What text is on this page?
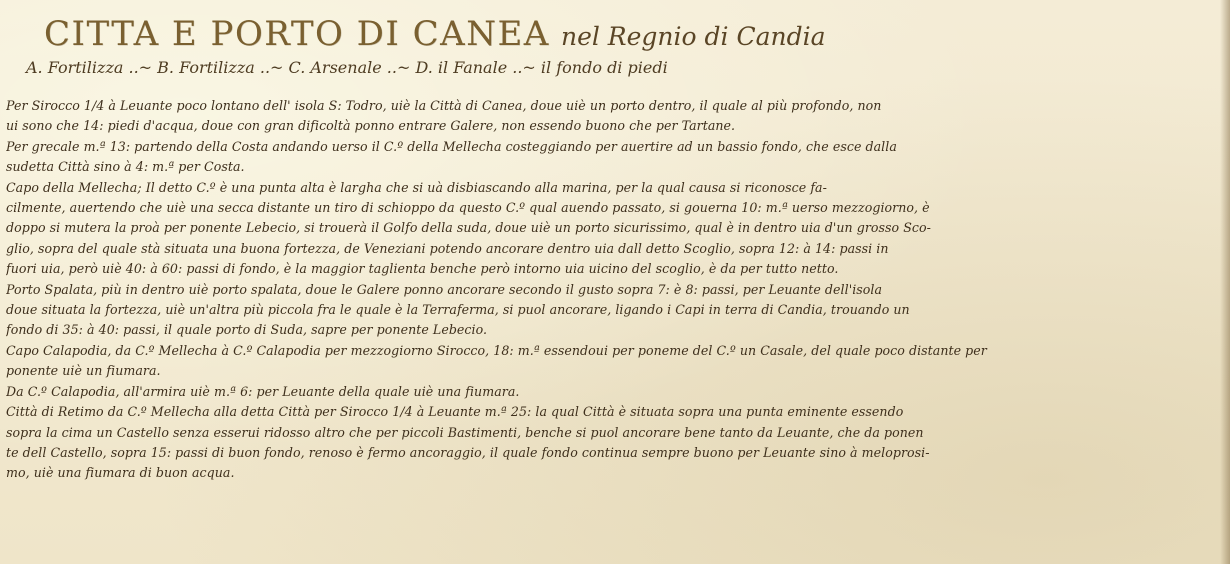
CITTA E PORTO DI CANEA nel Regnio di Candia
A. Fortilizza ..~ B. Fortilizza ..~ C. Arsenale ..~ D. il Fanale ..~ il fondo di piedi
Per Sirocco 1/4 à Leuante poco lontano dell' isola S: Todro, uiè la Città di Canea, doue uiè un porto dentro, il quale al più profondo, non
ui sono che 14: piedi d'acqua, doue con gran dificoltà ponno entrare Galere, non essendo buono che per Tartane.
Per grecale m.ª 13: partendo della Costa andando uerso il C.º della Mellecha costeggiando per auertire ad un bassio fondo, che esce dalla
sudetta Città sino à 4: m.ª per Costa.
Capo della Mellecha; Il detto C.º è una punta alta è largha che si uà disbiascando alla marina, per la qual causa si riconosce fa-
cilmente, auertendo che uiè una secca distante un tiro di schioppo da questo C.º qual auendo passato, si gouerna 10: m.ª uerso mezzogiorno, è
doppo si mutera la proà per ponente Lebecio, si trouerà il Golfo della suda, doue uiè un porto sicurissimo, qual è in dentro uia d'un grosso Sco-
glio, sopra del quale stà situata una buona fortezza, de Veneziani potendo ancorare dentro uia dall detto Scoglio, sopra 12: à 14: passi in
fuori uia, però uiè 40: à 60: passi di fondo, è la maggior taglienta benche però intorno uia uicino del scoglio, è da per tutto netto.
Porto Spalata, più in dentro uiè porto spalata, doue le Galere ponno ancorare secondo il gusto sopra 7: è 8: passi, per Leuante dell'isola
doue situata la fortezza, uiè un'altra più piccola fra le quale è la Terraferma, si puol ancorare, ligando i Capi in terra di Candia, trouando un
fondo di 35: à 40: passi, il quale porto di Suda, sapre per ponente Lebecio.
Capo Calapodia, da C.º Mellecha à C.º Calapodia per mezzogiorno Sirocco, 18: m.ª essendoui per poneme del C.º un Casale, del quale poco distante per
ponente uiè un fiumara.
Da C.º Calapodia, all'armira uiè m.ª 6: per Leuante della quale uiè una fiumara.
Città di Retimo da C.º Mellecha alla detta Città per Sirocco 1/4 à Leuante m.ª 25: la qual Città è situata sopra una punta eminente essendo
sopra la cima un Castello senza esserui ridosso altro che per piccoli Bastimenti, benche si puol ancorare bene tanto da Leuante, che da ponen
te dell Castello, sopra 15: passi di buon fondo, renoso è fermo ancoraggio, il quale fondo continua sempre buono per Leuante sino à meloprosi-
mo, uiè una fiumara di buon acqua.
